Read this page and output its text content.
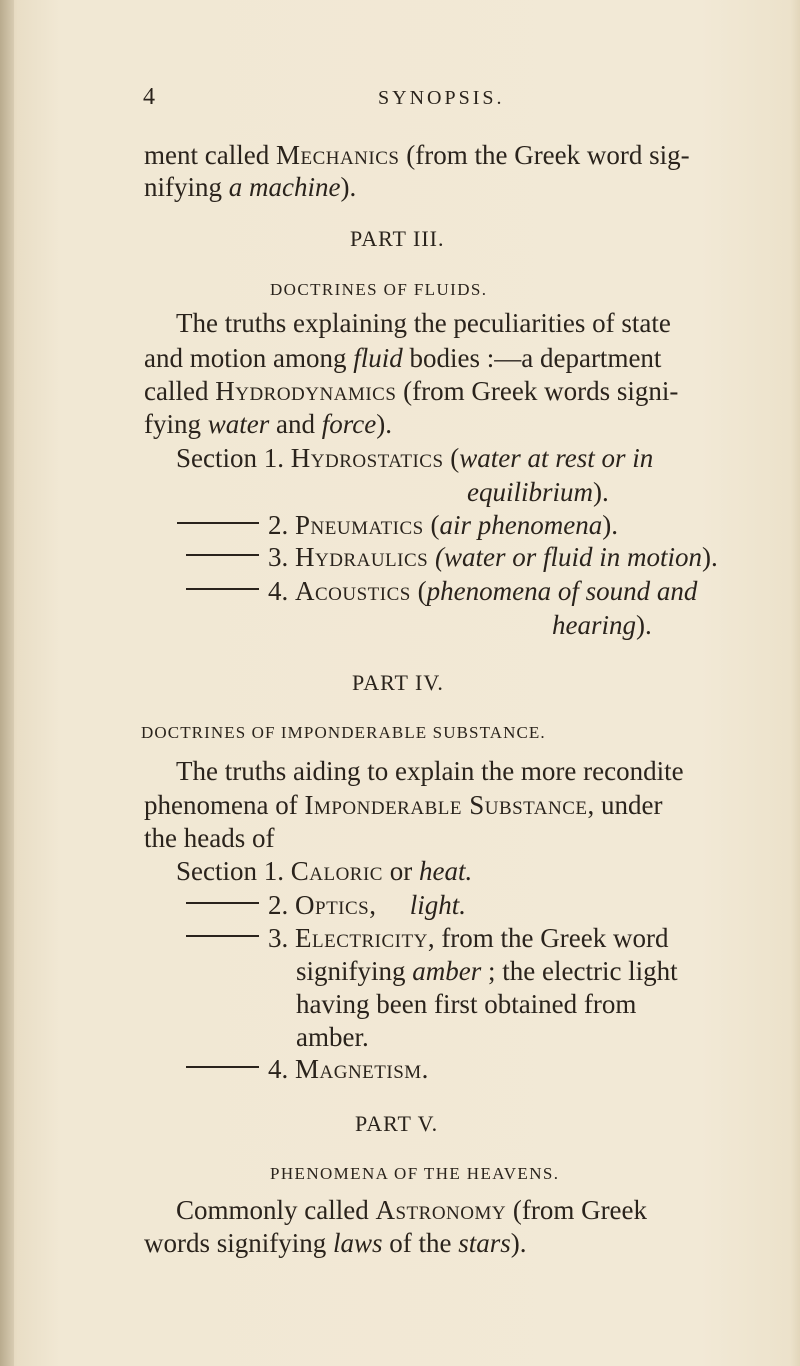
4	SYNOPSIS.
ment called Mechanics (from the Greek word sig-
nifying a machine).
PART III.
DOCTRINES OF FLUIDS.
The truths explaining the peculiarities of state
and motion among fluid bodies :—a department
called Hydrodynamics (from Greek words signi-
fying water and force).
Section 1. Hydrostatics (water at rest or in
equilibrium).
2. Pneumatics (air phenomena).
3. Hydraulics (water or fluid in motion).
4. Acoustics (phenomena of sound and
hearing).
PART IV.
DOCTRINES OF IMPONDERABLE SUBSTANCE.
The truths aiding to explain the more recondite
phenomena of Imponderable Substance, under
the heads of
Section 1. Caloric or heat.
2. Optics,     light.
3. Electricity, from the Greek word
signifying amber ; the electric light
having been first obtained from
amber.
4. Magnetism.
PART V.
PHENOMENA OF THE HEAVENS.
Commonly called Astronomy (from Greek
words signifying laws of the stars).
